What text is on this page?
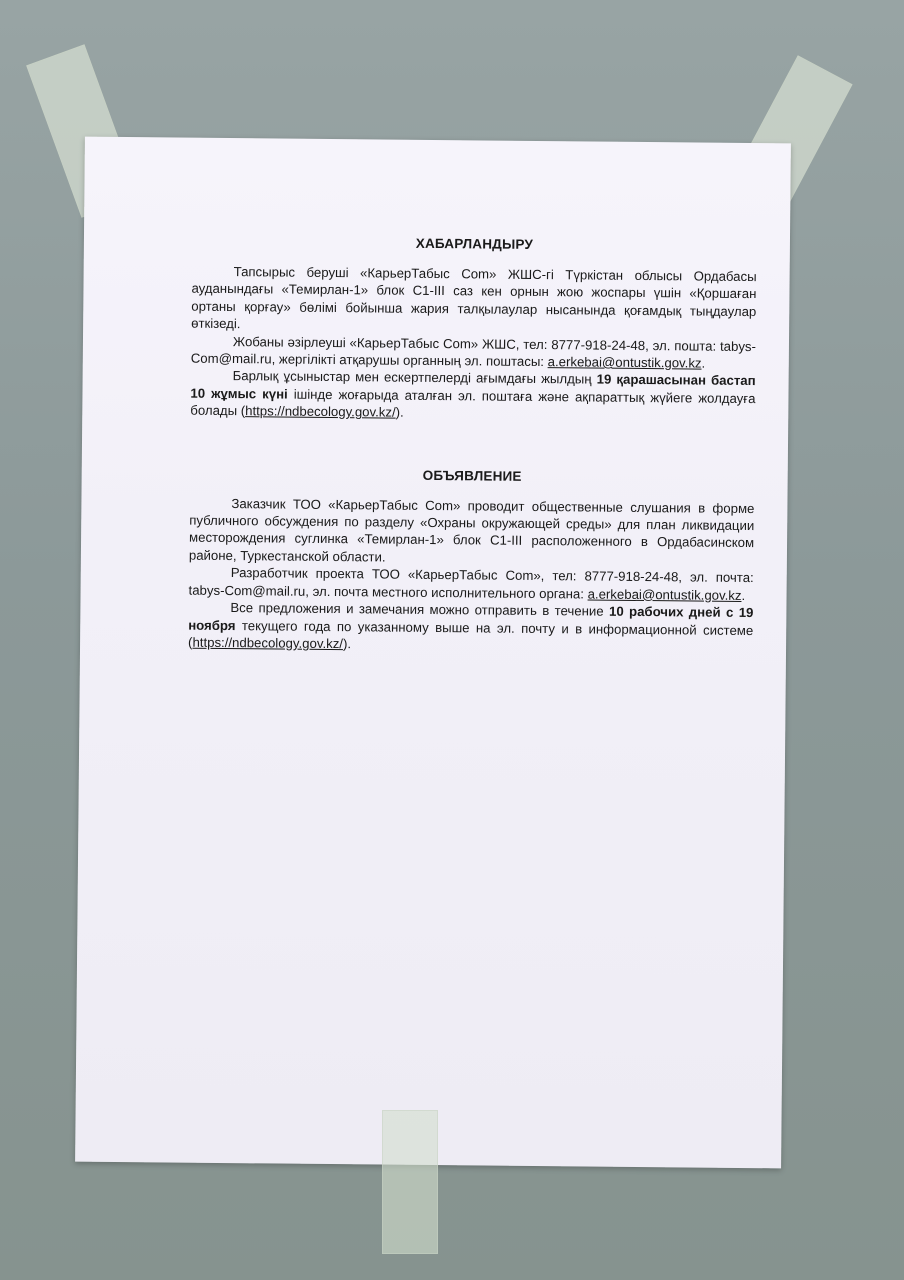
ХАБАРЛАНДЫРУ

Тапсырыс беруші «КарьерТабыс Com» ЖШС-гі Түркістан облысы Ордабасы ауданындағы «Темирлан-1» блок С1-III саз кен орнын жою жоспары үшін «Қоршаған ортаны қорғау» бөлімі бойынша жария талқылаулар нысанында қоғамдық тыңдаулар өткізеді.

Жобаны әзірлеуші «КарьерТабыс Com» ЖШС, тел: 8777-918-24-48, эл. пошта: tabys-Com@mail.ru, жергілікті атқарушы органның эл. поштасы: a.erkebai@ontustik.gov.kz.

Барлық ұсыныстар мен ескертпелерді ағымдағы жылдың 19 қарашасынан бастап 10 жұмыс күні ішінде жоғарыда аталған эл. поштаға және ақпараттық жүйеге жолдауға болады (https://ndbecology.gov.kz/).

ОБЪЯВЛЕНИЕ

Заказчик ТОО «КарьерТабыс Com» проводит общественные слушания в форме публичного обсуждения по разделу «Охраны окружающей среды» для план ликвидации месторождения суглинка «Темирлан-1» блок С1-III расположенного в Ордабасинском районе, Туркестанской области.

Разработчик проекта ТОО «КарьерТабыс Com», тел: 8777-918-24-48, эл. почта: tabys-Com@mail.ru, эл. почта местного исполнительного органа: a.erkebai@ontustik.gov.kz.

Все предложения и замечания можно отправить в течение 10 рабочих дней с 19 ноября текущего года по указанному выше на эл. почту и в информационной системе (https://ndbecology.gov.kz/).
